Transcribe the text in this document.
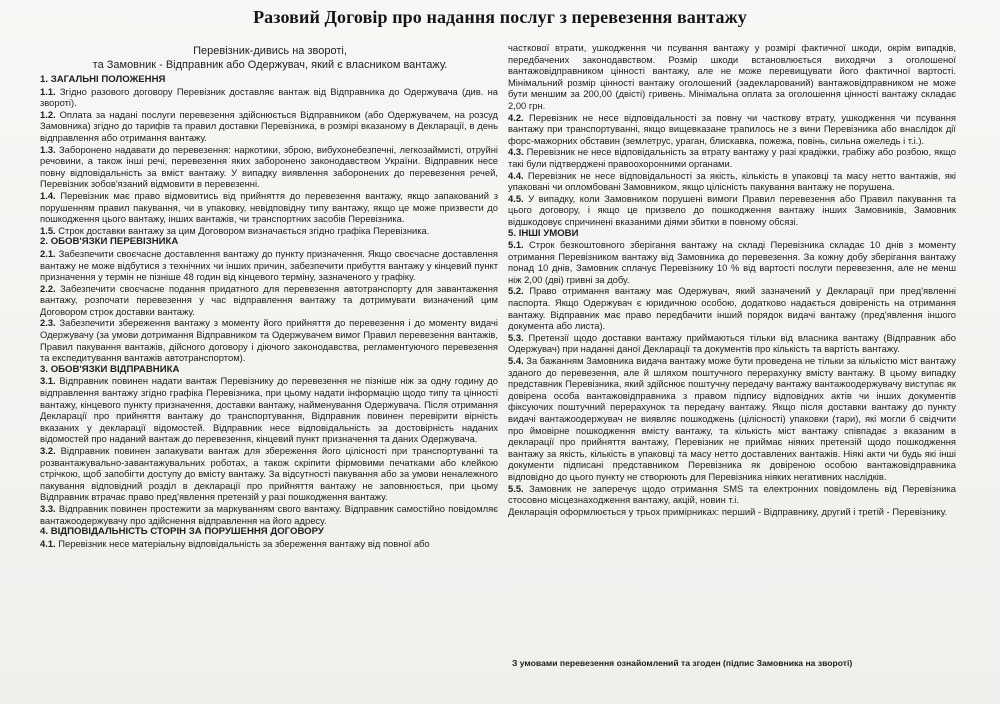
Разовий Договір про надання послуг з перевезення вантажу
Перевізник-дивись на звороті,
та Замовник - Відправник або Одержувач, який є власником вантажу.
1. ЗАГАЛЬНІ ПОЛОЖЕННЯ

1.1. Згідно разового договору Перевізник доставляє вантаж від Відправника до Одержувача (див. на звороті).

1.2. Оплата за надані послуги перевезення здійснюється Відправником (або Одержувачем, на розсуд Замовника) згідно до тарифів та правил доставки Перевізника, в розмірі вказаному в Декларації, в день відправлення або отримання вантажу.

1.3. Заборонено надавати до перевезення: наркотики, зброю, вибухонебезпечні, легкозаймисті, отруйні речовини, а також інші речі, перевезення яких заборонено законодавством України. Відправник несе повну відповідальність за вміст вантажу. У випадку виявлення заборонених до перевезення речей, Перевізник зобов'язаний відмовити в перевезенні.

1.4. Перевізник має право відмовитись від прийняття до перевезення вантажу, якщо запакований з порушенням правил пакування, чи в упаковку, невідповідну типу вантажу, якщо це може призвести до пошкодження цього вантажу, інших вантажів, чи транспортних засобів Перевізника.

1.5. Строк доставки вантажу за цим Договором визначається згідно графіка Перевізника.

2. ОБОВ'ЯЗКИ ПЕРЕВІЗНИКА

2.1. Забезпечити своєчасне доставлення вантажу до пункту призначення. Якщо своєчасне доставлення вантажу не може відбутися з технічних чи інших причин, забезпечити прибуття вантажу у кінцевий пункт призначення у термін не пізніше 48 годин від кінцевого терміну, зазначеного у графіку.

2.2. Забезпечити своєчасне подання придатного для перевезення автотранспорту для завантаження вантажу, розпочати перевезення у час відправлення вантажу та дотримувати визначений цим Договором строк доставки вантажу.

2.3. Забезпечити збереження вантажу з моменту його прийняття до перевезення і до моменту видачі Одержувачу (за умови дотримання Відправником та Одержувачем вимог Правил перевезення вантажів, Правил пакування вантажів, дійсного договору і діючого законодавства, регламентуючого перевезення та експедитування вантажів автотранспортом).

3. ОБОВ'ЯЗКИ ВІДПРАВНИКА

3.1. Відправник повинен надати вантаж Перевізнику до перевезення не пізніше ніж за одну годину до відправлення вантажу згідно графіка Перевізника, при цьому надати інформацію щодо типу та цінності вантажу, кінцевого пункту призначення, доставки вантажу, найменування Одержувача. Після отримання Декларації про прийняття вантажу до транспортування, Відправник повинен перевірити вірність вказаних у декларації відомостей. Відправник несе відповідальність за достовірність наданих відомостей про наданий вантаж до перевезення, кінцевий пункт призначення та даних Одержувача.

3.2. Відправник повинен запакувати вантаж для збереження його цілісності при транспортуванні та розвантажувально-завантажувальних роботах, а також скріпити фірмовими печатками або клейкою стрічкою, щоб запобігти доступу до вмісту вантажу. За відсутності пакування або за умови неналежного пакування відповідний розділ в декларації про прийняття вантажу не заповнюється, при цьому Відправник втрачає право пред'явлення претензій у разі пошкодження вантажу.

3.3. Відправник повинен простежити за маркуванням свого вантажу. Відправник самостійно повідомляє вантажоодержувачу про здійснення відправлення на його адресу.

4. ВІДПОВІДАЛЬНІСТЬ СТОРІН ЗА ПОРУШЕННЯ ДОГОВОРУ

4.1. Перевізник несе матеріальну відповідальність за збереження вантажу від повної або

часткової втрати, ушкодження чи псування вантажу у розмірі фактичної шкоди, окрім випадків, передбачених законодавством. Розмір шкоди встановлюється виходячи з оголошеної вантажовідправником цінності вантажу, але не може перевищувати його фактичної вартості. Мінімальний розмір цінності вантажу оголошений (задекларований) вантажовідправником не може бути меншим за 200,00 (двісті) гривень. Мінімальна оплата за оголошення цінності вантажу складає 2,00 грн.

4.2. Перевізник не несе відповідальності за повну чи часткову втрату, ушкодження чи псування вантажу при транспортуванні, якщо вищевказане трапилось не з вини Перевізника або внаслідок дії форс-мажорних обставин (землетрус, ураган, блискавка, пожежа, повінь, сильна ожеледь і т.і.).

4.3. Перевізник не несе відповідальність за втрату вантажу у разі крадіжки, грабіжу або розбою, якщо такі були підтверджені правоохоронними органами.

4.4. Перевізник не несе відповідальності за якість, кількість в упаковці та масу нетто вантажів, які упаковані чи опломбовані Замовником, якщо цілісність пакування вантажу не порушена.

4.5. У випадку, коли Замовником порушені вимоги Правил перевезення або Правил пакування та цього договору, і якщо це призвело до пошкодження вантажу інших Замовників, Замовник відшкодовує спричинені вказаними діями збитки в повному обсязі.

5. ІНШІ УМОВИ

5.1. Строк безкоштовного зберігання вантажу на складі Перевізника складає 10 днів з моменту отримання Перевізником вантажу від Замовника до перевезення. За кожну добу зберігання вантажу понад 10 днів, Замовник сплачує Перевізнику 10 % від вартості послуги перевезення, але не менш ніж 2,00 (дві) гривні за добу.

5.2. Право отримання вантажу має Одержувач, який зазначений у Декларації при пред'явленні паспорта. Якщо Одержувач є юридичною особою, додатково надається довіреність на отримання вантажу. Відправник має право передбачити інший порядок видачі вантажу (пред'явлення іншого документа або листа).

5.3. Претензії щодо доставки вантажу приймаються тільки від власника вантажу (Відправник або Одержувач) при наданні даної Декларації та документів про кількість та вартість вантажу.

5.4. За бажанням Замовника видача вантажу може бути проведена не тільки за кількістю міст вантажу зданого до перевезення, але й шляхом поштучного перерахунку вмісту вантажу. В цьому випадку представник Перевізника, який здійснює поштучну передачу вантажу вантажоодержувачу виступає як довірена особа вантажовідправника з правом підпису відповідних актів чи інших документів фіксуючих поштучний перерахунок та передачу вантажу. Якщо після доставки вантажу до пункту видачі вантажоодержувач не виявляє пошкоджень (цілісності) упаковки (тари), які могли б свідчити про ймовірне пошкодження вмісту вантажу, та кількість міст вантажу співпадає з вказаним в декларації про прийняття вантажу, Перевізник не приймає ніяких претензій щодо пошкодження вантажу за якість, кількість в упаковці та масу нетто доставлених вантажів. Ніякі акти чи будь які інші документи підписані представником Перевізника як довіреною особою вантажовідправника відповідно до цього пункту не створюють для Перевізника ніяких негативних наслідків.

5.5. Замовник не заперечує щодо отримання SMS та електронних повідомлень від Перевізника стосовно місцезнаходження вантажу, акцій, новин т.і.

Декларація оформлюється у трьох примірниках: перший - Відправнику, другий і третій - Перевізнику.

З умовами перевезення ознайомлений та згоден (підпис Замовника на звороті)
